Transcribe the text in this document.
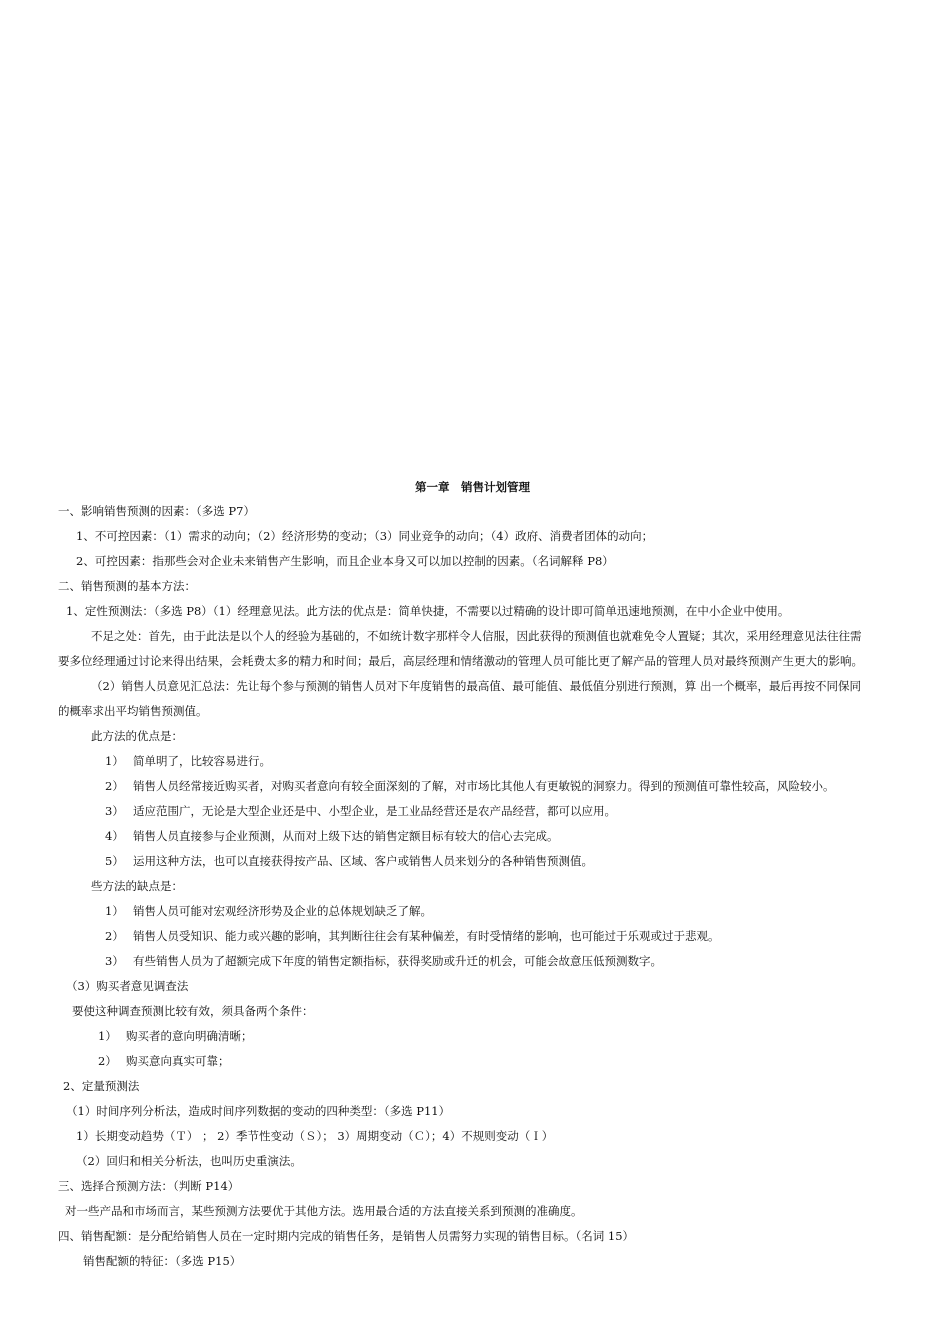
第一章　销售计划管理
一、影响销售预测的因素：（多选 P7）
1、不可控因素：（1）需求的动向；（2）经济形势的变动；（3）同业竞争的动向；（4）政府、消费者团体的动向；
2、可控因素：指那些会对企业未来销售产生影响，而且企业本身又可以加以控制的因素。（名词解释 P8）
二、销售预测的基本方法：
1、定性预测法：（多选 P8）（1）经理意见法。此方法的优点是：简单快捷，不需要以过精确的设计即可简单迅速地预测，在中小企业中使用。
不足之处：首先，由于此法是以个人的经验为基础的，不如统计数字那样令人信服，因此获得的预测值也就难免令人置疑；其次，采用经理意见法往往需
要多位经理通过讨论来得出结果，会耗费太多的精力和时间；最后，高层经理和情绪激动的管理人员可能比更了解产品的管理人员对最终预测产生更大的影响。
（2）销售人员意见汇总法：先让每个参与预测的销售人员对下年度销售的最高值、最可能值、最低值分别进行预测，算 出一个概率，最后再按不同保同
的概率求出平均销售预测值。
此方法的优点是：
1） 简单明了，比较容易进行。
2） 销售人员经常接近购买者，对购买者意向有较全面深刻的了解，对市场比其他人有更敏锐的洞察力。得到的预测值可靠性较高，风险较小。
3） 适应范围广，无论是大型企业还是中、小型企业，是工业品经营还是农产品经营，都可以应用。
4） 销售人员直接参与企业预测，从而对上级下达的销售定额目标有较大的信心去完成。
5） 运用这种方法，也可以直接获得按产品、区域、客户或销售人员来划分的各种销售预测值。
些方法的缺点是：
1） 销售人员可能对宏观经济形势及企业的总体规划缺乏了解。
2） 销售人员受知识、能力或兴趣的影响，其判断往往会有某种偏差，有时受情绪的影响，也可能过于乐观或过于悲观。
3） 有些销售人员为了超额完成下年度的销售定额指标，获得奖励或升迁的机会，可能会故意压低预测数字。
（3）购买者意见调查法
要使这种调查预测比较有效，须具备两个条件：
1） 购买者的意向明确清晰；
2） 购买意向真实可靠；
2、定量预测法
（1）时间序列分析法，造成时间序列数据的变动的四种类型：（多选 P11）
1）长期变动趋势（Ｔ） ； 2）季节性变动（Ｓ）； 3）周期变动（Ｃ）；4）不规则变动（Ｉ）
（2）回归和相关分析法，也叫历史重演法。
三、选择合预测方法：（判断 P14）
对一些产品和市场而言，某些预测方法要优于其他方法。选用最合适的方法直接关系到预测的准确度。
四、销售配额：是分配给销售人员在一定时期内完成的销售任务，是销售人员需努力实现的销售目标。（名词 15）
销售配额的特征：（多选 P15）
